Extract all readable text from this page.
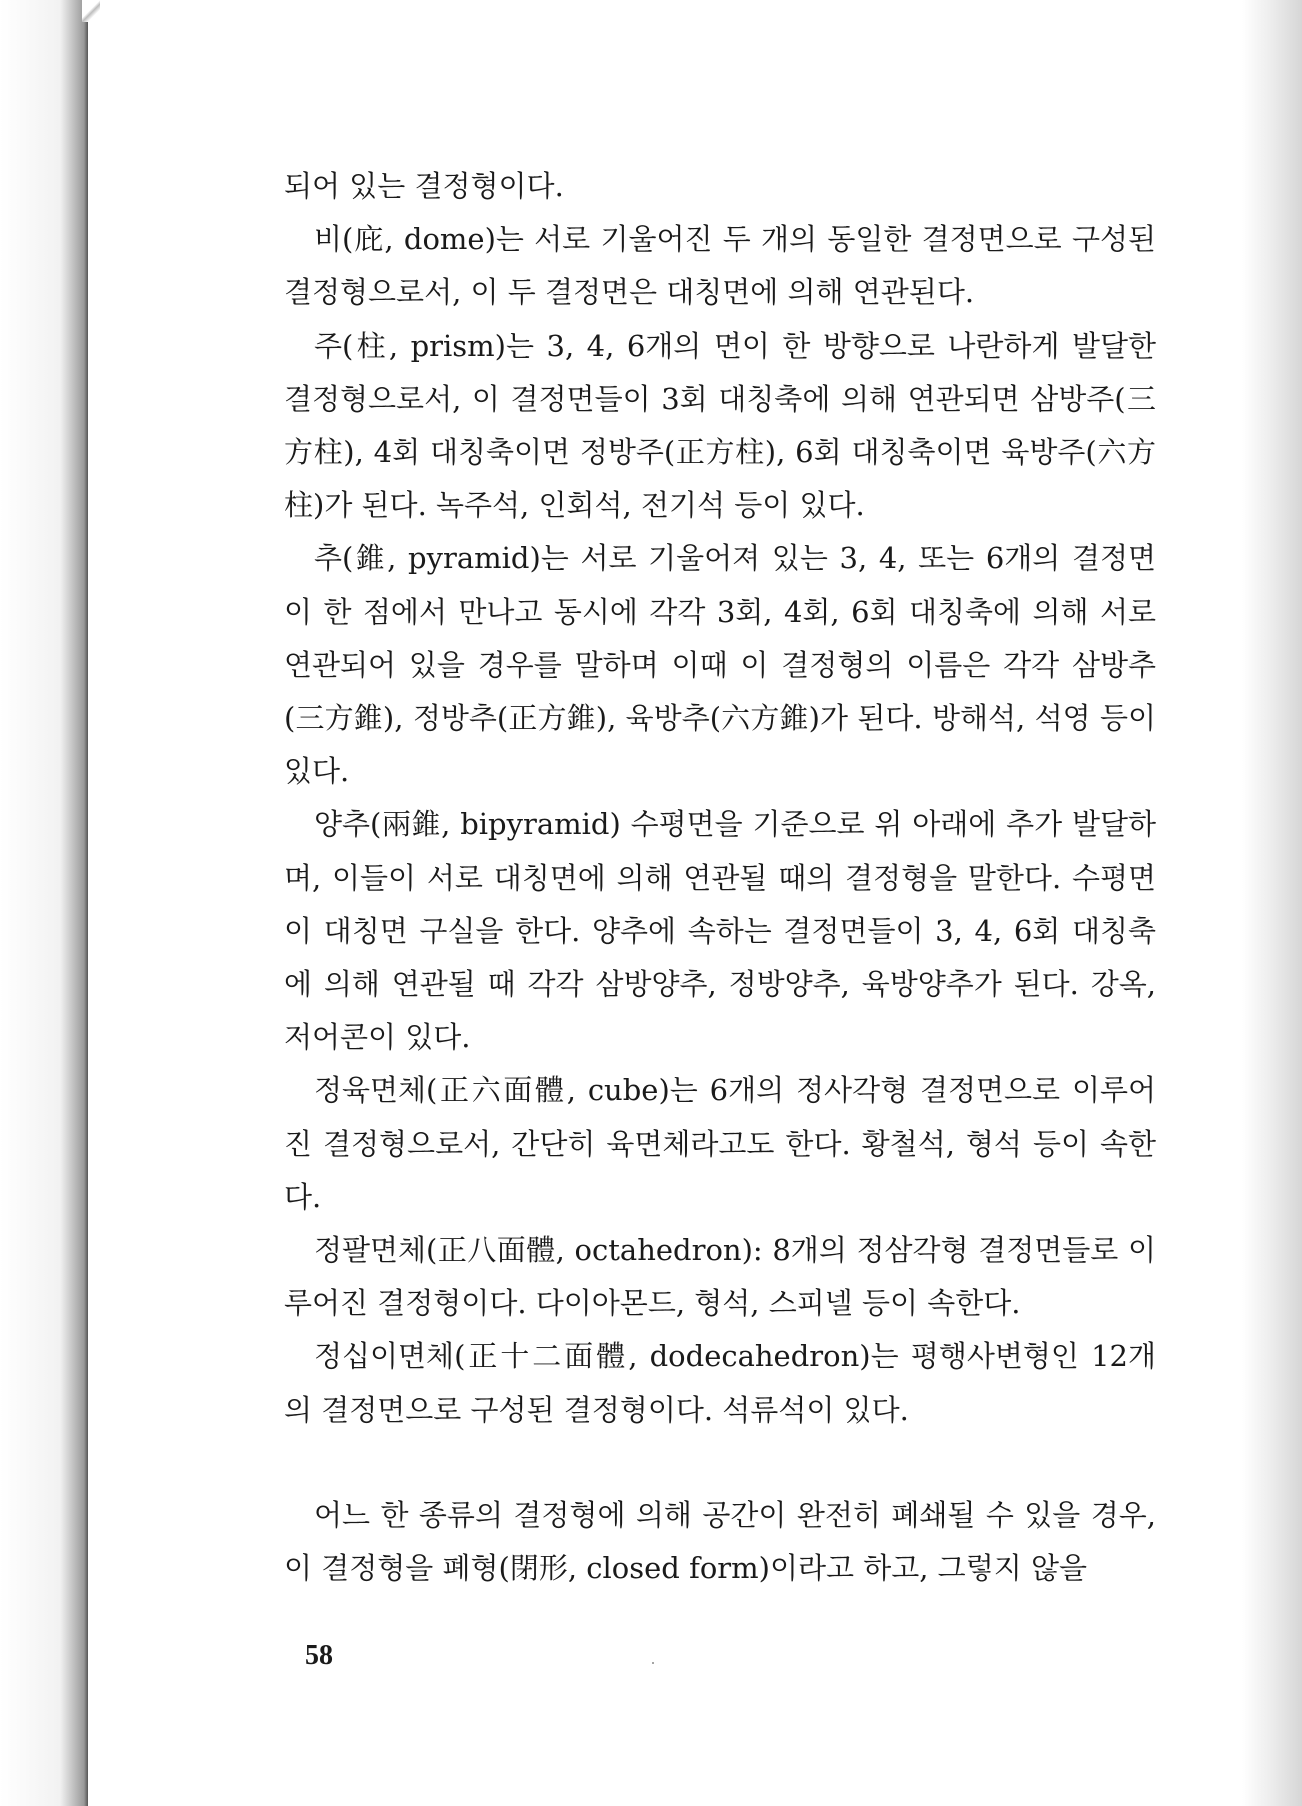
되어 있는 결정형이다.

비(庇, dome)는 서로 기울어진 두 개의 동일한 결정면으로 구성된 결정형으로서, 이 두 결정면은 대칭면에 의해 연관된다.

주(柱, prism)는 3, 4, 6개의 면이 한 방향으로 나란하게 발달한 결정형으로서, 이 결정면들이 3회 대칭축에 의해 연관되면 삼방주(三方柱), 4회 대칭축이면 정방주(正方柱), 6회 대칭축이면 육방주(六方柱)가 된다. 녹주석, 인회석, 전기석 등이 있다.

추(錐, pyramid)는 서로 기울어져 있는 3, 4, 또는 6개의 결정면이 한 점에서 만나고 동시에 각각 3회, 4회, 6회 대칭축에 의해 서로 연관되어 있을 경우를 말하며 이때 이 결정형의 이름은 각각 삼방추(三方錐), 정방추(正方錐), 육방추(六方錐)가 된다. 방해석, 석영 등이 있다.

양추(兩錐, bipyramid) 수평면을 기준으로 위 아래에 추가 발달하며, 이들이 서로 대칭면에 의해 연관될 때의 결정형을 말한다. 수평면이 대칭면 구실을 한다. 양추에 속하는 결정면들이 3, 4, 6회 대칭축에 의해 연관될 때 각각 삼방양추, 정방양추, 육방양추가 된다. 강옥, 저어콘이 있다.

정육면체(正六面體, cube)는 6개의 정사각형 결정면으로 이루어진 결정형으로서, 간단히 육면체라고도 한다. 황철석, 형석 등이 속한다.

정팔면체(正八面體, octahedron): 8개의 정삼각형 결정면들로 이루어진 결정형이다. 다이아몬드, 형석, 스피넬 등이 속한다.

정십이면체(正十二面體, dodecahedron)는 평행사변형인 12개의 결정면으로 구성된 결정형이다. 석류석이 있다.

어느 한 종류의 결정형에 의해 공간이 완전히 폐쇄될 수 있을 경우, 이 결정형을 폐형(閉形, closed form)이라고 하고, 그렇지 않을

58
